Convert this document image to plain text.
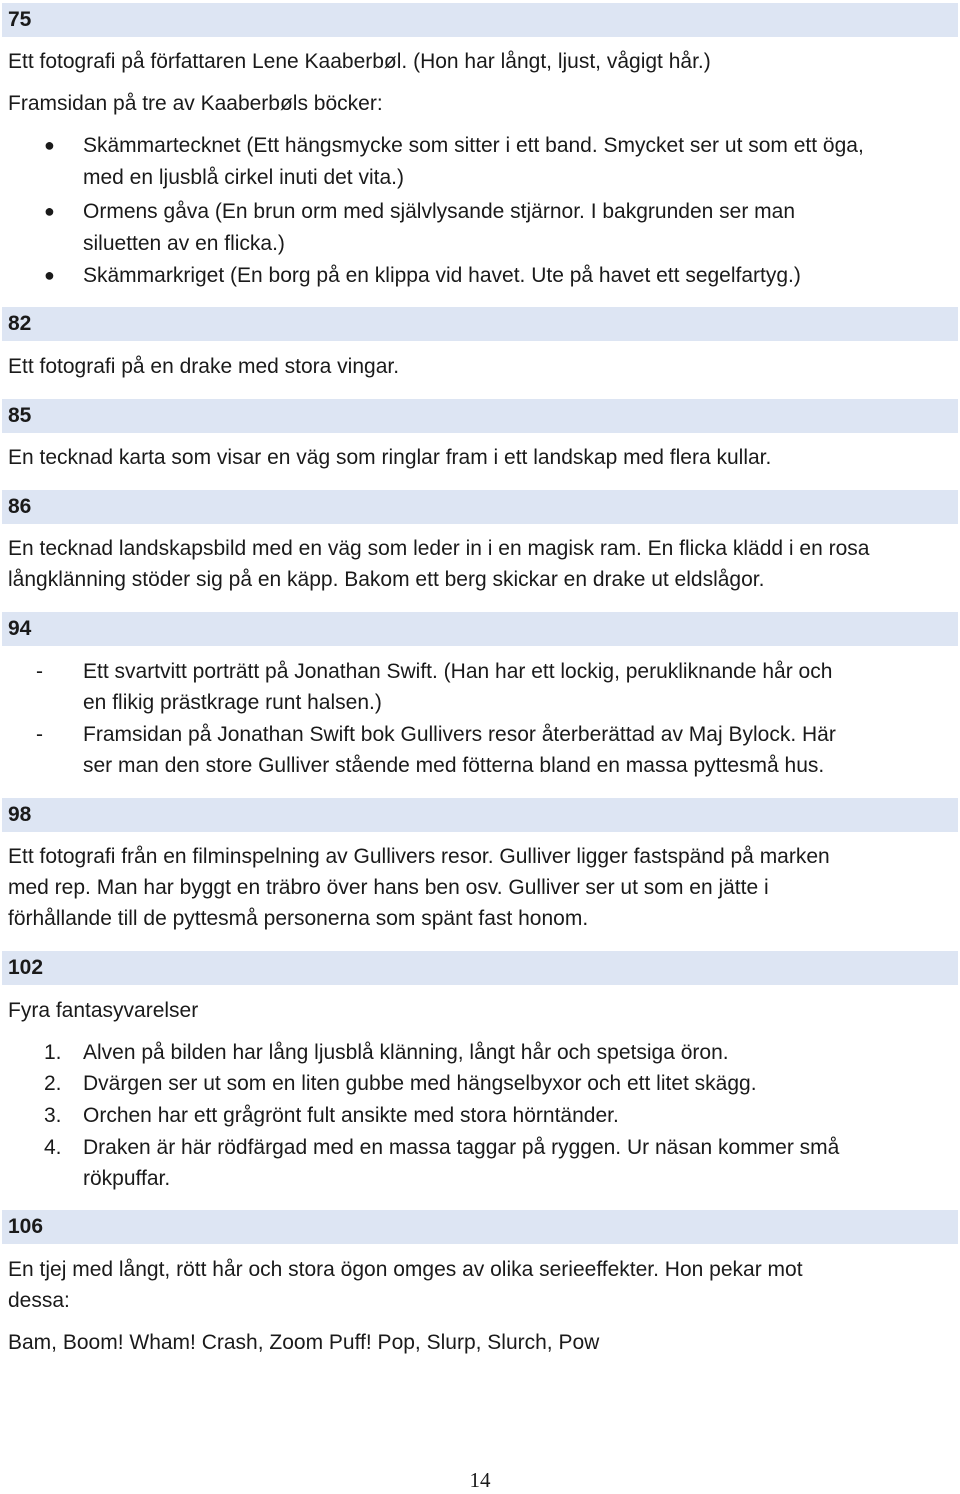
75

Ett fotografi på författaren Lene Kaaberbøl. (Hon har långt, ljust, vågigt hår.)

Framsidan på tre av Kaaberbøls böcker:

●	Skämmartecknet (Ett hängsmycke som sitter i ett band. Smycket ser ut som ett öga,

med en ljusblå cirkel inuti det vita.)

●	Ormens gåva (En brun orm med självlysande stjärnor. I bakgrunden ser man

siluetten av en flicka.)

●	Skämmarkriget (En borg på en klippa vid havet. Ute på havet ett segelfartyg.)

82

Ett fotografi på en drake med stora vingar.

85

En tecknad karta som visar en väg som ringlar fram i ett landskap med flera kullar.

86

En tecknad landskapsbild med en väg som leder in i en magisk ram. En flicka klädd i en rosa

långklänning stöder sig på en käpp. Bakom ett berg skickar en drake ut eldslågor.

94
-	Ett svartvitt porträtt på Jonathan Swift. (Han har ett lockig, perukliknande hår och

en flikig prästkrage runt halsen.)

-	Framsidan på Jonathan Swift bok Gullivers resor återberättad av Maj Bylock. Här

ser man den store Gulliver stående med fötterna bland en massa pyttesmå hus.

98

Ett fotografi från en filminspelning av Gullivers resor. Gulliver ligger fastspänd på marken

med rep. Man har byggt en träbro över hans ben osv. Gulliver ser ut som en jätte i

förhållande till de pyttesmå personerna som spänt fast honom.

102

Fyra fantasyvarelser

1.	Alven på bilden har lång ljusblå klänning, långt hår och spetsiga öron.

2.	Dvärgen ser ut som en liten gubbe med hängselbyxor och ett litet skägg.

3.	Orchen har ett grågrönt fult ansikte med stora hörntänder.

4.	Draken är här rödfärgad med en massa taggar på ryggen. Ur näsan kommer små

rökpuffar.

106

En tjej med långt, rött hår och stora ögon omges av olika serieeffekter. Hon pekar mot

dessa:

Bam, Boom! Wham! Crash, Zoom Puff! Pop, Slurp, Slurch, Pow

14
